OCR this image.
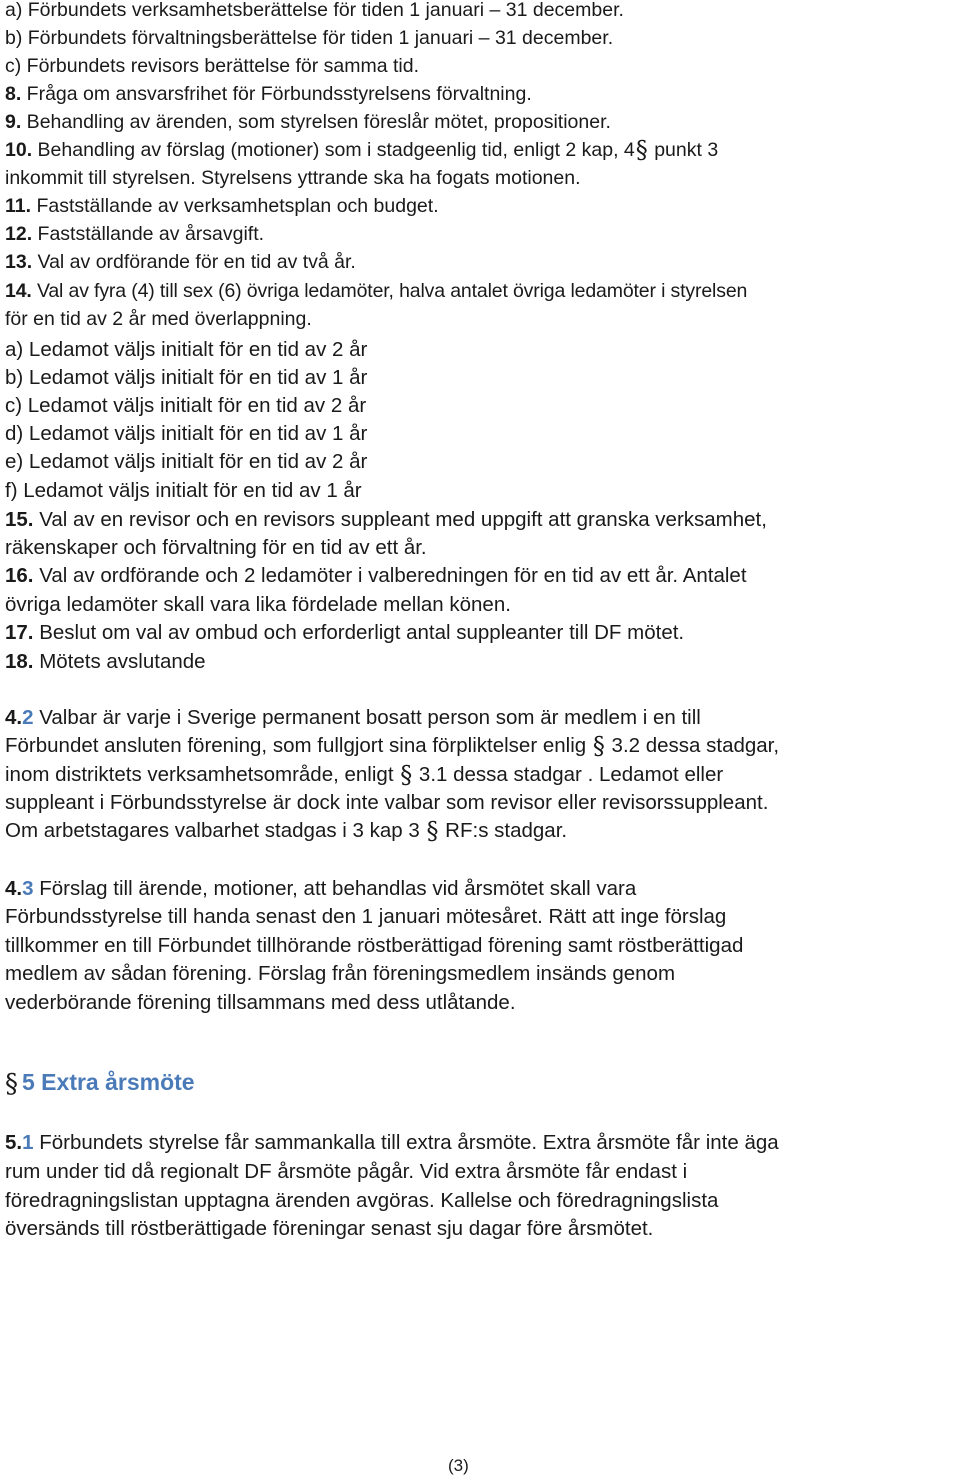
a) Förbundets verksamhetsberättelse för tiden 1 januari – 31 december.

b) Förbundets förvaltningsberättelse för tiden 1 januari – 31 december.

c) Förbundets revisors berättelse för samma tid.

8. Fråga om ansvarsfrihet för Förbundsstyrelsens förvaltning.

9. Behandling av ärenden, som styrelsen föreslår mötet, propositioner.

10. Behandling av förslag (motioner) som i stadgeenlig tid, enligt 2 kap, 4§ punkt 3

inkommit till styrelsen. Styrelsens yttrande ska ha fogats motionen.

11. Fastställande av verksamhetsplan och budget.

12. Fastställande av årsavgift.

13. Val av ordförande för en tid av två år.

14. Val av fyra (4) till sex (6) övriga ledamöter, halva antalet övriga ledamöter i styrelsen

för en tid av 2 år med överlappning.

a) Ledamot väljs initialt för en tid av 2 år

b) Ledamot väljs initialt för en tid av 1 år

c) Ledamot väljs initialt för en tid av 2 år

d) Ledamot väljs initialt för en tid av 1 år

e) Ledamot väljs initialt för en tid av 2 år

f) Ledamot väljs initialt för en tid av 1 år

15. Val av en revisor och en revisors suppleant med uppgift att granska verksamhet,

räkenskaper och förvaltning för en tid av ett år.

16. Val av ordförande och 2 ledamöter i valberedningen för en tid av ett år. Antalet

övriga ledamöter skall vara lika fördelade mellan könen.

17. Beslut om val av ombud och erforderligt antal suppleanter till DF mötet.

18. Mötets avslutande

4.2 Valbar är varje i Sverige permanent bosatt person som är medlem i en till

Förbundet ansluten förening, som fullgjort sina förpliktelser enlig § 3.2 dessa stadgar,

inom distriktets verksamhetsområde, enligt § 3.1 dessa stadgar . Ledamot eller

suppleant i Förbundsstyrelse är dock inte valbar som revisor eller revisorssuppleant.

Om arbetstagares valbarhet stadgas i 3 kap 3 § RF:s stadgar.

4.3 Förslag till ärende, motioner, att behandlas vid årsmötet skall vara

Förbundsstyrelse till handa senast den 1 januari mötesåret. Rätt att inge förslag

tillkommer en till Förbundet tillhörande röstberättigad förening samt röstberättigad

medlem av sådan förening. Förslag från föreningsmedlem insänds genom

vederbörande förening tillsammans med dess utlåtande.

5.1 Förbundets styrelse får sammankalla till extra årsmöte. Extra årsmöte får inte äga

rum under tid då regionalt DF årsmöte pågår. Vid extra årsmöte får endast i

föredragningslistan upptagna ärenden avgöras. Kallelse och föredragningslista

översänds till röstberättigade föreningar senast sju dagar före årsmötet.

§ 5 Extra årsmöte

(3)
